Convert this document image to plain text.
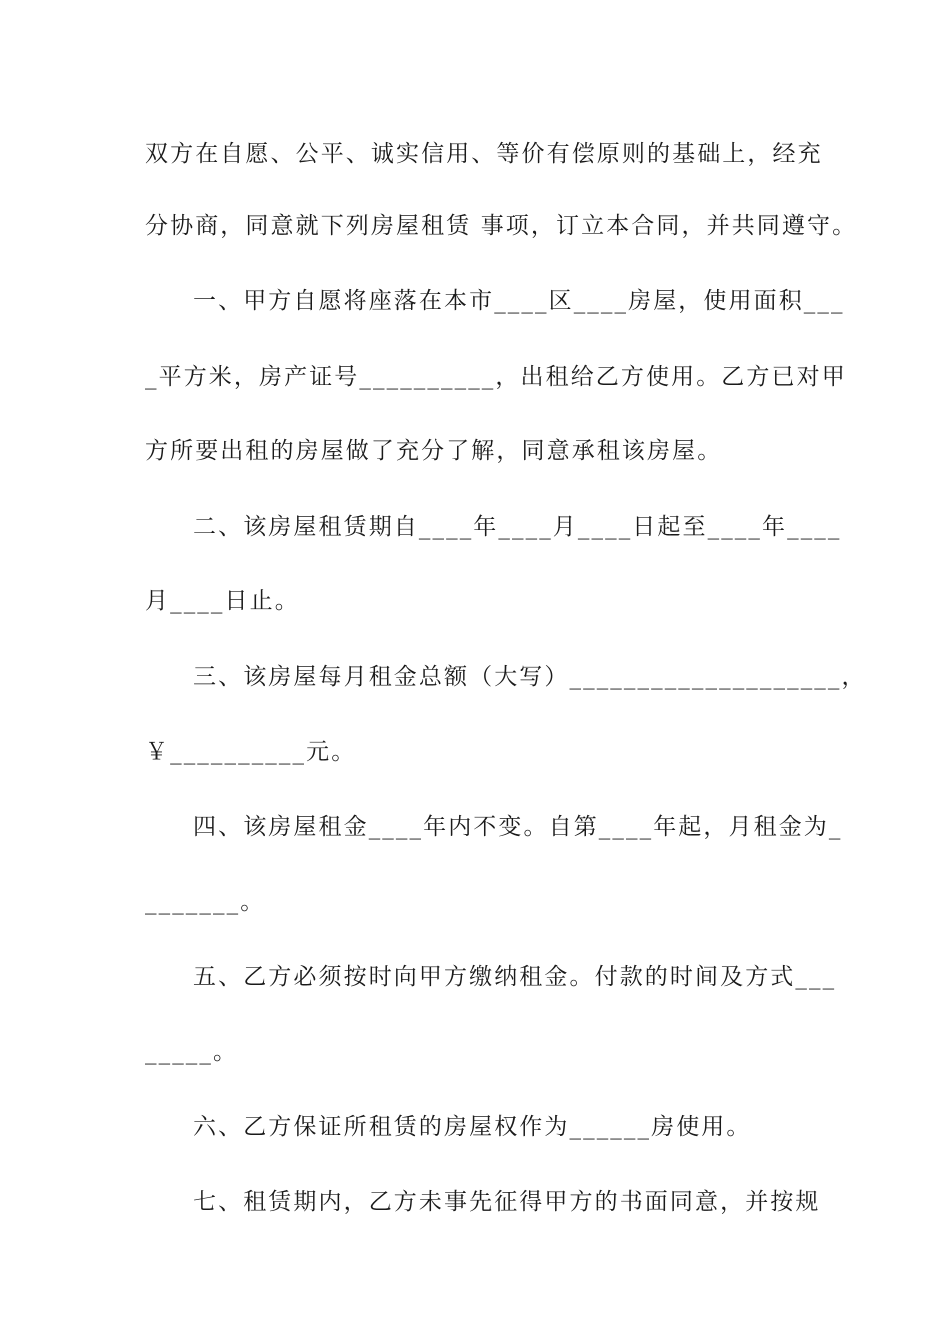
双方在自愿、公平、诚实信用、等价有偿原则的基础上，经充
分协商，同意就下列房屋租赁 事项，订立本合同，并共同遵守。
一、甲方自愿将座落在本市____区____房屋，使用面积___
_平方米，房产证号__________，出租给乙方使用。乙方已对甲
方所要出租的房屋做了充分了解，同意承租该房屋。
二、该房屋租赁期自____年____月____日起至____年____
月____日止。
三、该房屋每月租金总额（大写）____________________，
￥__________元。
四、该房屋租金____年内不变。自第____年起，月租金为_
_______。
五、乙方必须按时向甲方缴纳租金。付款的时间及方式___
_____。
六、乙方保证所租赁的房屋权作为______房使用。
七、租赁期内，乙方未事先征得甲方的书面同意，并按规
